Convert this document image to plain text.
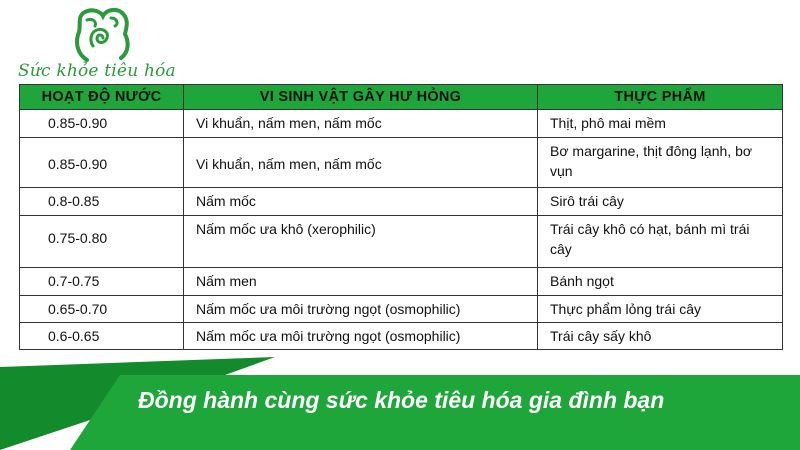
Sức khỏe tiêu hóa
HOẠT ĐỘ NƯỚC	VI SINH VẬT GÂY HƯ HỎNG	THỰC PHẨM
0.85-0.90	Vi khuẩn, nấm men, nấm mốc	Thịt, phô mai mềm
0.85-0.90	Vi khuẩn, nấm men, nấm mốc	Bơ margarine, thịt đông lạnh, bơ vụn
0.8-0.85	Nấm mốc	Sirô trái cây
0.75-0.80	Nấm mốc ưa khô (xerophilic)	Trái cây khô có hạt, bánh mì trái cây
0.7-0.75	Nấm men	Bánh ngọt
0.65-0.70	Nấm mốc ưa môi trường ngọt (osmophilic)	Thực phẩm lỏng trái cây
0.6-0.65	Nấm mốc ưa môi trường ngọt (osmophilic)	Trái cây sấy khô
Đồng hành cùng sức khỏe tiêu hóa gia đình bạn
